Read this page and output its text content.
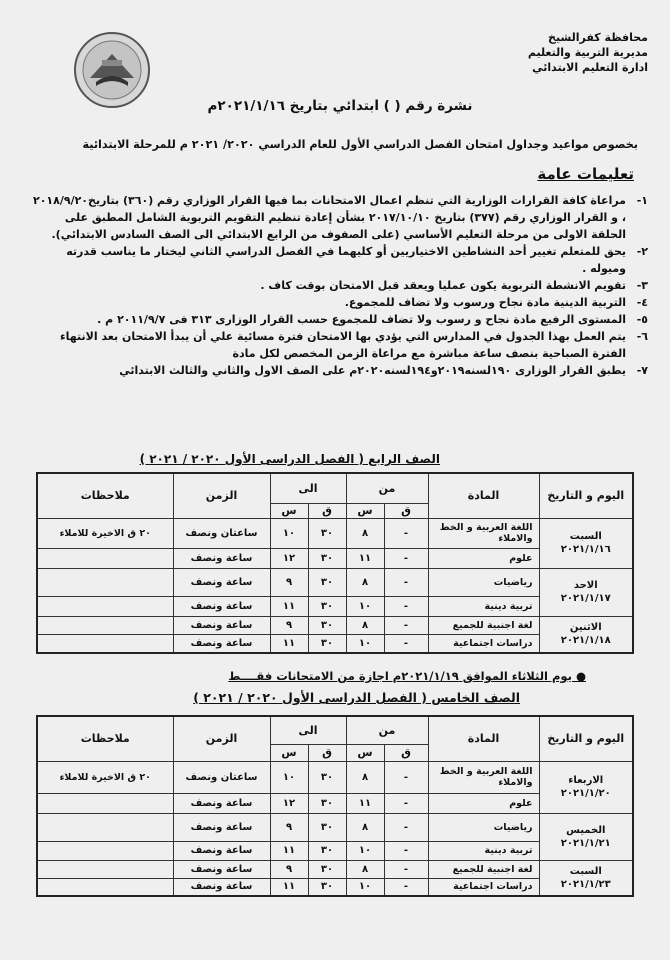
محافظة كفرالشيخ
مديرية التربية والتعليم
ادارة التعليم الابتدائي
نشرة رقم ( ) ابتدائي بتاريخ ٢٠٢١/١/١٦م
بخصوص مواعيد وجداول امتحان الفصل الدراسي الأول للعام الدراسي ٢٠٢٠/ ٢٠٢١ م للمرحلة الابتدائية
تعليمات عامة
١-
مراعاة كافة القرارات الوزارية التي تنظم اعمال الامتحانات بما فيها القرار الوزاري رقم (٣٦٠) بتاريخ٢٠١٨/٩/٢٠ ، و القرار الوزاري رقم (٣٧٧) بتاريخ ٢٠١٧/١٠/١٠ بشأن إعادة تنظيم التقويم التربوية الشامل المطبق على الحلقة الاولى من مرحلة التعليم الأساسي (على الصفوف من الرابع الابتدائي الى الصف السادس الابتدائي).
٢-
يحق للمتعلم تغيير أحد النشاطين الاختياريين أو كليهما في الفصل الدراسي الثاني ليختار ما يناسب قدرته وميوله .
٣-
تقويم الانشطة التربوية يكون عمليا ويعقد قبل الامتحان بوقت كاف .
٤-
التربية الدينية مادة نجاح ورسوب ولا تضاف للمجموع.
٥-
المستوى الرفيع مادة نجاح و رسوب ولا تضاف للمجموع حسب القرار الوزارى ٣١٣ فى ٢٠١١/٩/٧ م .
٦-
يتم العمل بهذا الجدول في المدارس التي يؤدي بها الامتحان فترة مسائية علي أن يبدأ الامتحان بعد الانتهاء الفترة الصباحية بنصف ساعة مباشرة مع مراعاة الزمن المخصص لكل مادة
٧-
يطبق القرار الوزارى ١٩٠لسنه٢٠١٩و١٩٤لسنه٢٠٢٠م على الصف الاول والثاني والثالث الابتدائي
الصف الرابع ( الفصل الدراسى الأول ٢٠٢٠ / ٢٠٢١ )
اليوم و التاريخ	المادة	من		الى		الزمن	ملاحظات
		ق	س	ق	س		

السبت
٢٠٢١/١/١٦	اللغة العربية و الخط والاملاء	-	٨	٣٠	١٠	ساعتان ونصف	٢٠ ق الاخيرة للاملاء
	علوم	-	١١	٣٠	١٢	ساعة ونصف	

الاحد
٢٠٢١/١/١٧	رياضيات	-	٨	٣٠	٩	ساعة ونصف	
	تربية دينية	-	١٠	٣٠	١١	ساعة ونصف	

الاثنين
٢٠٢١/١/١٨	لغة اجنبية للجميع	-	٨	٣٠	٩	ساعة ونصف	
	دراسات اجتماعية	-	١٠	٣٠	١١	ساعة ونصف	
● يوم الثلاثاء الموافق ٢٠٢١/١/١٩م اجازة من الامتحانات فقــــط
الصف الخامس ( الفصل الدراسى الأول ٢٠٢٠ / ٢٠٢١ )
اليوم و التاريخ	المادة	من		الى		الزمن	ملاحظات
		ق	س	ق	س		

الاربعاء
٢٠٢١/١/٢٠	اللغة العربية و الخط والاملاء	-	٨	٣٠	١٠	ساعتان ونصف	٢٠ ق الاخيرة للاملاء
	علوم	-	١١	٣٠	١٢	ساعة ونصف	

الخميس
٢٠٢١/١/٢١	رياضيات	-	٨	٣٠	٩	ساعة ونصف	
	تربية دينية	-	١٠	٣٠	١١	ساعة ونصف	

السبت
٢٠٢١/١/٢٣	لغة اجنبية للجميع	-	٨	٣٠	٩	ساعة ونصف	
	دراسات اجتماعية	-	١٠	٣٠	١١	ساعة ونصف	
